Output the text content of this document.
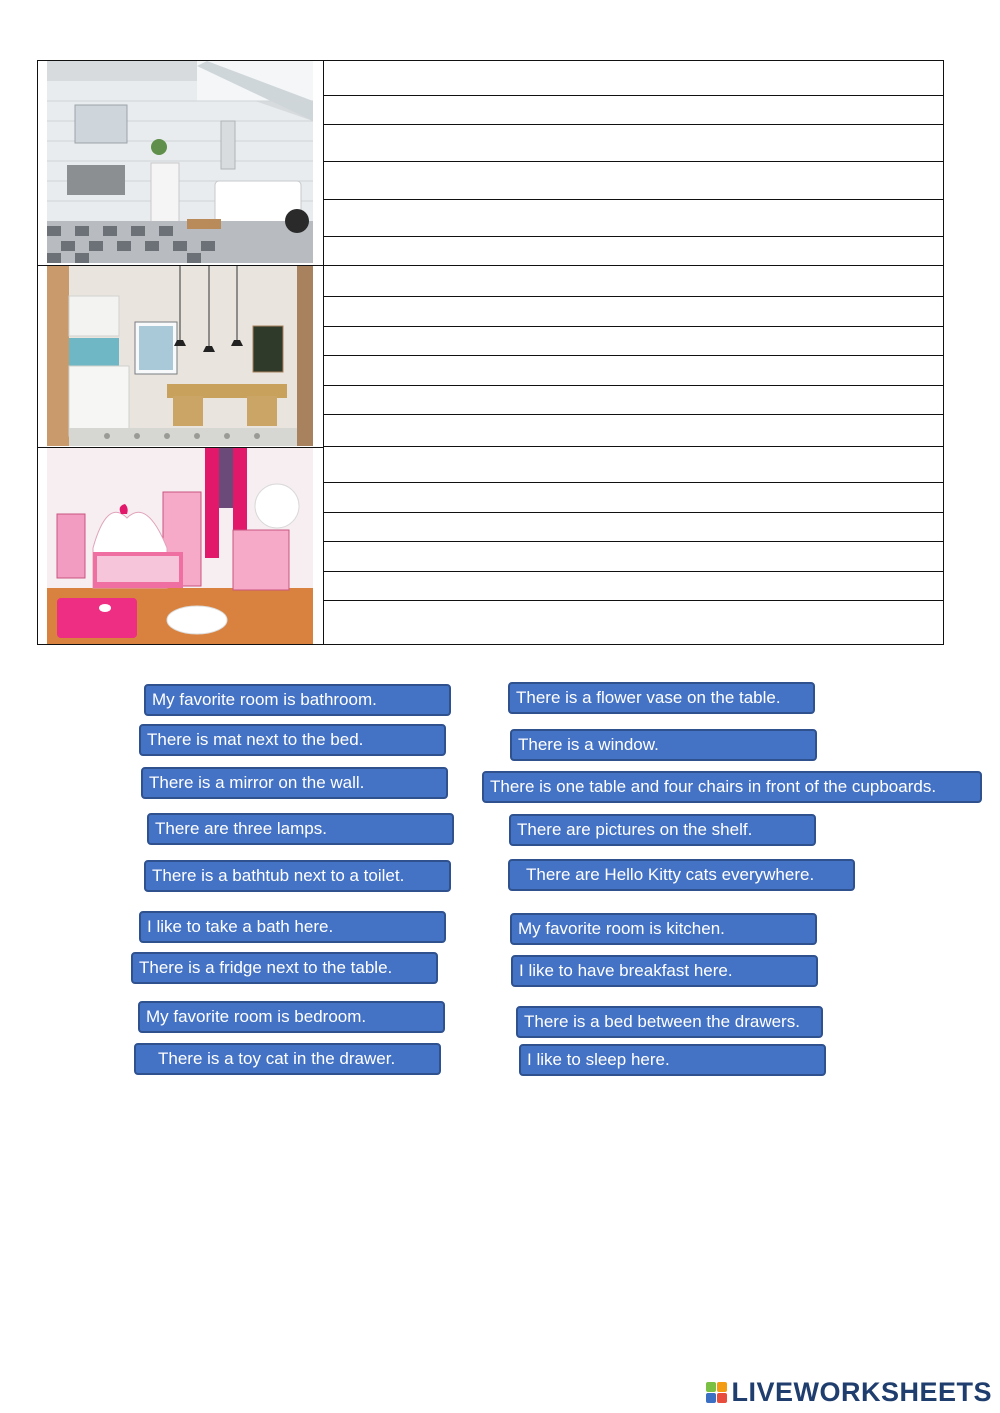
My favorite room is bathroom.
There is mat next to the bed.
There is a mirror on the wall.
There are three lamps.
There is a bathtub next to a toilet.
I like to take a bath here.
There is a fridge next to the table.
My favorite room is bedroom.
There is a toy cat in the drawer.
There is a flower vase on the table.
There is a window.
There is one table and four chairs in front of the cupboards.
There are pictures on the shelf.
There are Hello Kitty cats everywhere.
My favorite room is kitchen.
I like to have breakfast here.
There is a bed between the drawers.
I like to sleep here.
LIVEWORKSHEETS
